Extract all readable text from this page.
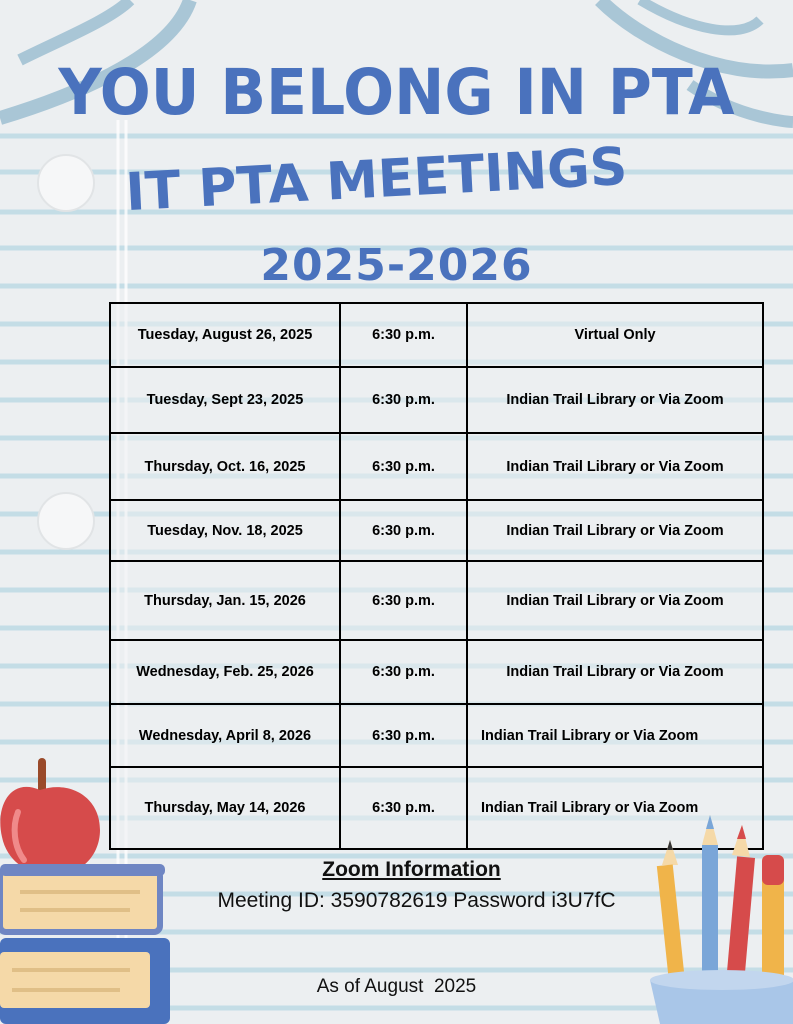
YOU BELONG IN PTA
IT PTA MEETINGS
2025-2026
Tuesday, August 26, 2025	6:30 p.m.	Virtual Only
Tuesday, Sept 23, 2025	6:30 p.m.	Indian Trail Library or Via Zoom
Thursday, Oct. 16, 2025	6:30 p.m.	Indian Trail Library or Via Zoom
Tuesday, Nov. 18, 2025	6:30 p.m.	Indian Trail Library or Via Zoom
Thursday, Jan. 15, 2026	6:30 p.m.	Indian Trail Library or Via Zoom
Wednesday, Feb. 25, 2026	6:30 p.m.	Indian Trail Library or Via Zoom
Wednesday, April 8, 2026	6:30 p.m.	Indian Trail Library or Via Zoom
Thursday, May 14, 2026	6:30 p.m.	Indian Trail Library or Via Zoom
Zoom Information
Meeting ID: 3590782619 Password i3U7fC
As of August  2025
